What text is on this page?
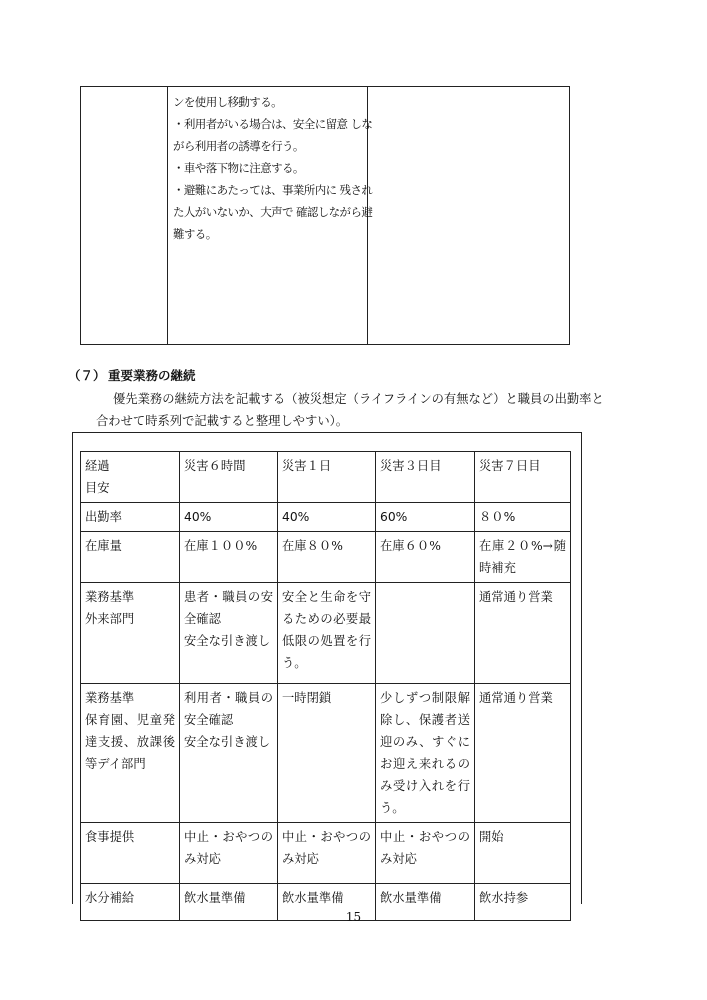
ンを使用し移動する。
・利用者がいる場合は、安全に留意 しな
がら利用者の誘導を行う。
・車や落下物に注意する。
・避難にあたっては、事業所内に 残され
た人がいないか、大声で 確認しながら避
難する。
（７） 重要業務の継続
優先業務の継続方法を記載する（被災想定（ライフラインの有無など）と職員の出勤率と
合わせて時系列で記載すると整理しやすい）。
経過
目安	災害６時間	災害１日	災害３日目	災害７日目
出勤率	40%	40%	60%	８０%
在庫量	在庫１００%	在庫８０%	在庫６０%	在庫２０%→随時補充
業務基準
外来部門	患者・職員の安全確認
安全な引き渡し	安全と生命を守るための必要最低限の処置を行う。		通常通り営業
業務基準
保育園、児童発達支援、放課後等デイ部門	利用者・職員の安全確認
安全な引き渡し	一時閉鎖	少しずつ制限解除し、保護者送迎のみ、すぐにお迎え来れるのみ受け入れを行う。	通常通り営業
食事提供	中止・おやつのみ対応	中止・おやつのみ対応	中止・おやつのみ対応	開始
水分補給	飲水量準備	飲水量準備	飲水量準備	飲水持参
15
